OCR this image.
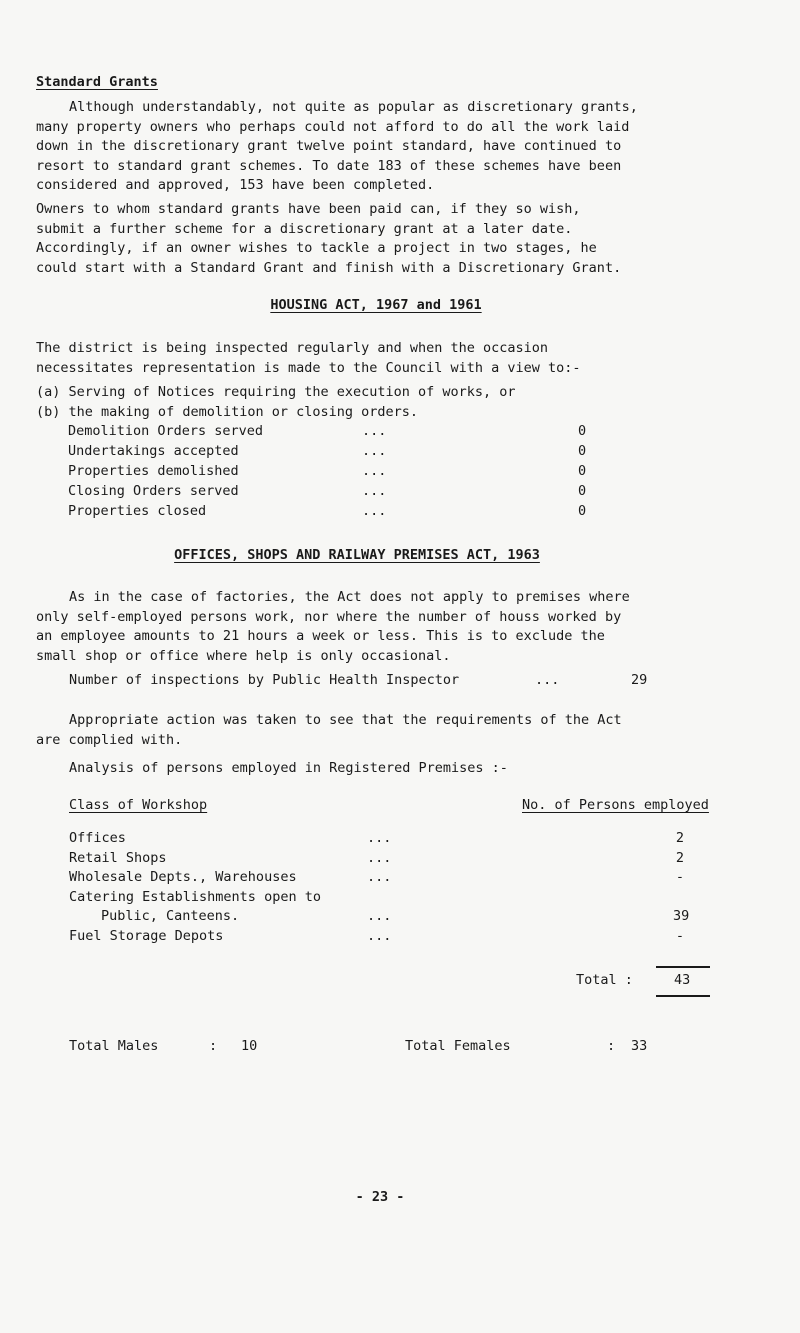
Standard Grants

Although understandably, not quite as popular as discretionary grants,
many property owners who perhaps could not afford to do all the work laid
down in the discretionary grant twelve point standard, have continued to
resort to standard grant schemes. To date 183 of these schemes have been
considered and approved, 153 have been completed.

Owners to whom standard grants have been paid can, if they so wish,
submit a further scheme for a discretionary grant at a later date.
Accordingly, if an owner wishes to tackle a project in two stages, he
could start with a Standard Grant and finish with a Discretionary Grant.

HOUSING ACT, 1967 and 1961

The district is being inspected regularly and when the occasion
necessitates representation is made to the Council with a view to:-

(a) Serving of Notices requiring the execution of works, or
(b) the making of demolition or closing orders.
Demolition Orders served	...	0
Undertakings accepted	...	0
Properties demolished	...	0
Closing Orders served	...	0
Properties closed	...	0
OFFICES, SHOPS AND RAILWAY PREMISES ACT, 1963

As in the case of factories, the Act does not apply to premises where
only self-employed persons work, nor where the number of houss worked by
an employee amounts to 21 hours a week or less. This is to exclude the
small shop or office where help is only occasional.

Number of inspections by Public Health Inspector	...	29

Appropriate action was taken to see that the requirements of the Act
are complied with.

Analysis of persons employed in Registered Premises :-
Class of Workshop	No. of Persons employed
Offices	...	2
Retail Shops	...	2
Wholesale Depts., Warehouses	...	-
Catering Establishments open to
Public, Canteens.	...	39
Fuel Storage Depots	...	-
Total :	43
Total Males	: 10	Total Females	: 33
- 23 -
